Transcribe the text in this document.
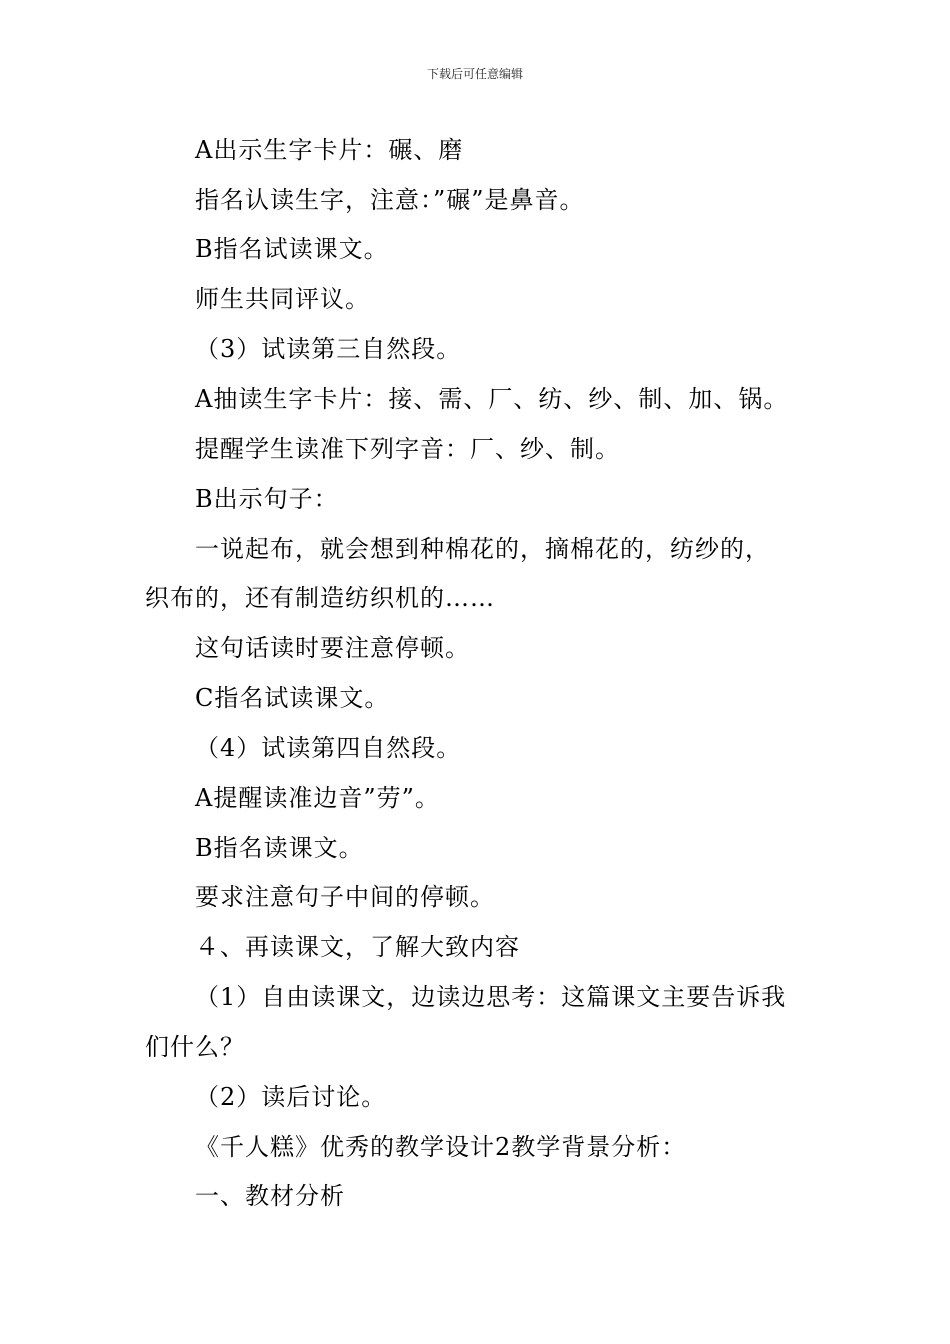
下载后可任意编辑
A出示生字卡片：碾、磨
指名认读生字，注意：”碾”是鼻音。
B指名试读课文。
师生共同评议。
（3）试读第三自然段。
A抽读生字卡片：接、需、厂、纺、纱、制、加、锅。
提醒学生读准下列字音：厂、纱、制。
B出示句子：
一说起布，就会想到种棉花的，摘棉花的，纺纱的，
织布的，还有制造纺织机的……
这句话读时要注意停顿。
C指名试读课文。
（4）试读第四自然段。
A提醒读准边音”劳”。
B指名读课文。
要求注意句子中间的停顿。
４、再读课文，了解大致内容
（1）自由读课文，边读边思考：这篇课文主要告诉我
们什么？
（2）读后讨论。
《千人糕》优秀的教学设计2教学背景分析：
一、教材分析
